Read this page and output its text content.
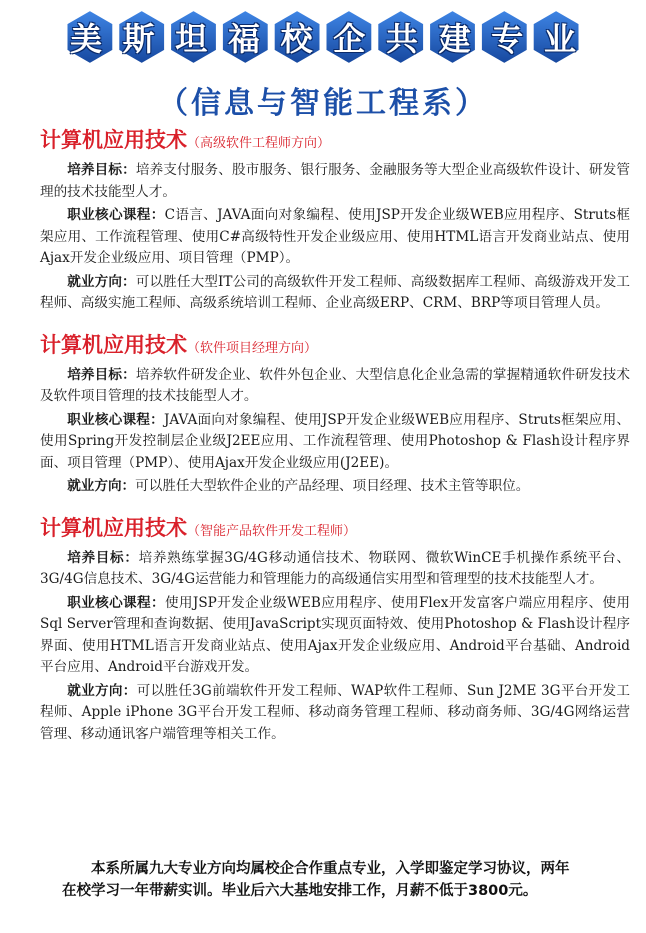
美 斯 坦 福 校 企 共 建 专 业
（信息与智能工程系）
计算机应用技术（高级软件工程师方向）

培养目标：培养支付服务、股市服务、银行服务、金融服务等大型企业高级软件设计、研发管理的技术技能型人才。

职业核心课程：C语言、JAVA面向对象编程、使用JSP开发企业级WEB应用程序、Struts框架应用、工作流程管理、使用C#高级特性开发企业级应用、使用HTML语言开发商业站点、使用Ajax开发企业级应用、项目管理（PMP）。

就业方向：可以胜任大型IT公司的高级软件开发工程师、高级数据库工程师、高级游戏开发工程师、高级实施工程师、高级系统培训工程师、企业高级ERP、CRM、BRP等项目管理人员。

计算机应用技术（软件项目经理方向）

培养目标：培养软件研发企业、软件外包企业、大型信息化企业急需的掌握精通软件研发技术及软件项目管理的技术技能型人才。

职业核心课程：JAVA面向对象编程、使用JSP开发企业级WEB应用程序、Struts框架应用、使用Spring开发控制层企业级J2EE应用、工作流程管理、使用Photoshop & Flash设计程序界面、项目管理（PMP）、使用Ajax开发企业级应用(J2EE)。

就业方向：可以胜任大型软件企业的产品经理、项目经理、技术主管等职位。

计算机应用技术（智能产品软件开发工程师）

培养目标：培养熟练掌握3G/4G移动通信技术、物联网、微软WinCE手机操作系统平台、3G/4G信息技术、3G/4G运营能力和管理能力的高级通信实用型和管理型的技术技能型人才。

职业核心课程：使用JSP开发企业级WEB应用程序、使用Flex开发富客户端应用程序、使用Sql Server管理和查询数据、使用JavaScript实现页面特效、使用Photoshop & Flash设计程序界面、使用HTML语言开发商业站点、使用Ajax开发企业级应用、Android平台基础、Android平台应用、Android平台游戏开发。

就业方向：可以胜任3G前端软件开发工程师、WAP软件工程师、Sun J2ME 3G平台开发工程师、Apple iPhone 3G平台开发工程师、移动商务管理工程师、移动商务师、3G/4G网络运营管理、移动通讯客户端管理等相关工作。

本系所属九大专业方向均属校企合作重点专业，入学即鉴定学习协议，两年在校学习一年带薪实训。毕业后六大基地安排工作，月薪不低于3800元。
